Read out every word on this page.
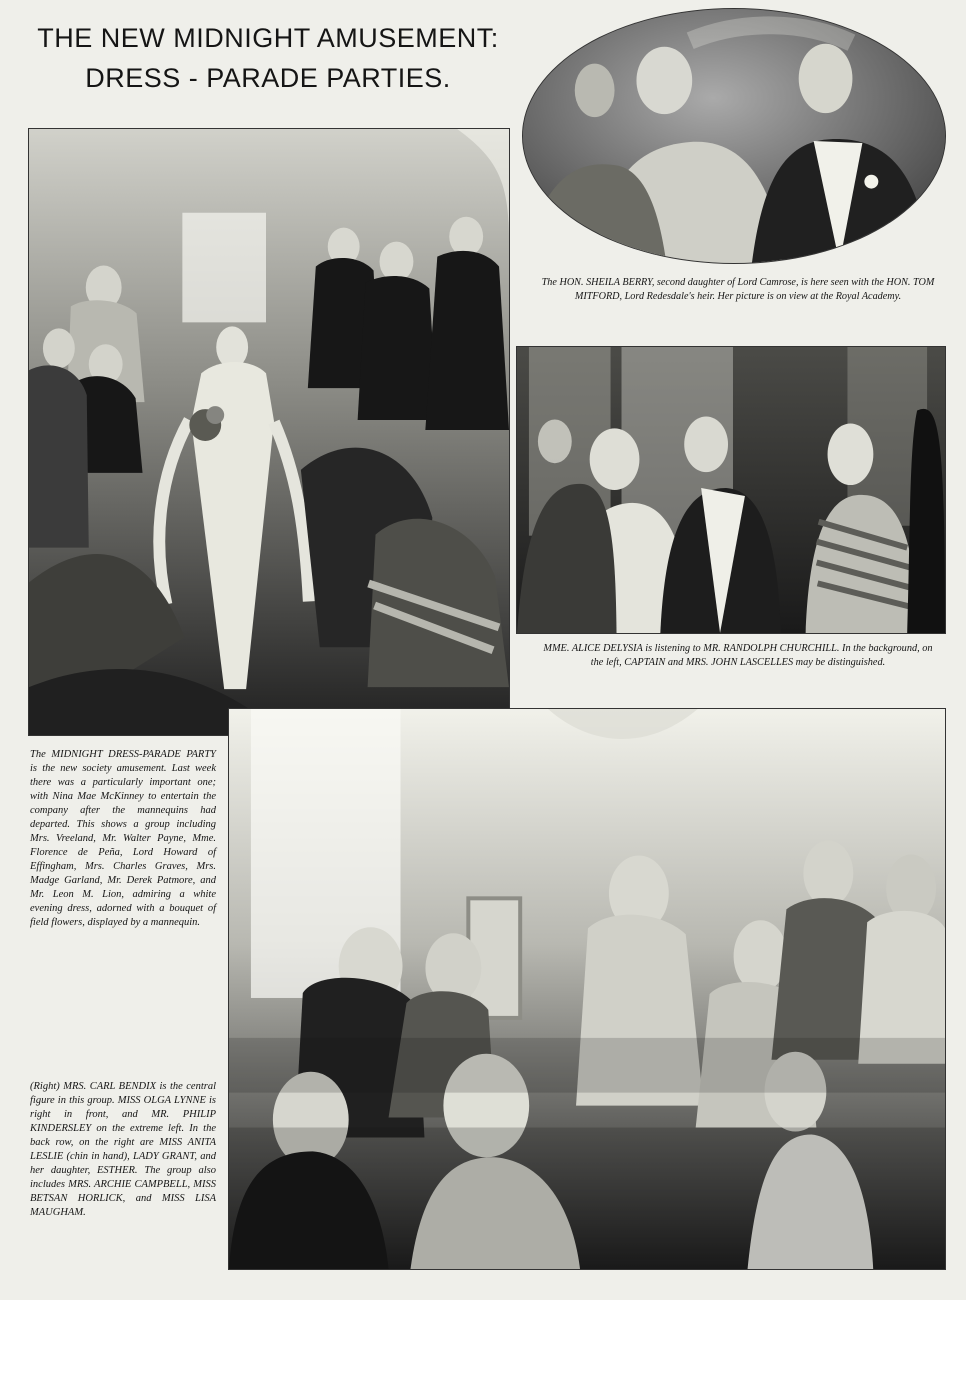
THE NEW MIDNIGHT AMUSEMENT:
DRESS - PARADE PARTIES.

The HON. SHEILA BERRY, second daughter of Lord Camrose, is here seen with the HON. TOM MITFORD, Lord Redesdale's heir. Her picture is on view at the Royal Academy.

MME. ALICE DELYSIA is listening to MR. RANDOLPH CHURCHILL. In the background, on the left, CAPTAIN and MRS. JOHN LASCELLES may be distinguished.

The MIDNIGHT DRESS-PARADE PARTY is the new society amusement. Last week there was a particularly important one; with Nina Mae McKinney to entertain the company after the mannequins had departed. This shows a group including Mrs. Vreeland, Mr. Walter Payne, Mme. Florence de Peña, Lord Howard of Effingham, Mrs. Charles Graves, Mrs. Madge Garland, Mr. Derek Patmore, and Mr. Leon M. Lion, admiring a white evening dress, adorned with a bouquet of field flowers, displayed by a mannequin.

(Right) MRS. CARL BENDIX is the central figure in this group. MISS OLGA LYNNE is right in front, and MR. PHILIP KINDERSLEY on the extreme left. In the back row, on the right are MISS ANITA LESLIE (chin in hand), LADY GRANT, and her daughter, ESTHER. The group also includes MRS. ARCHIE CAMPBELL, MISS BETSAN HORLICK, and MISS LISA MAUGHAM.
